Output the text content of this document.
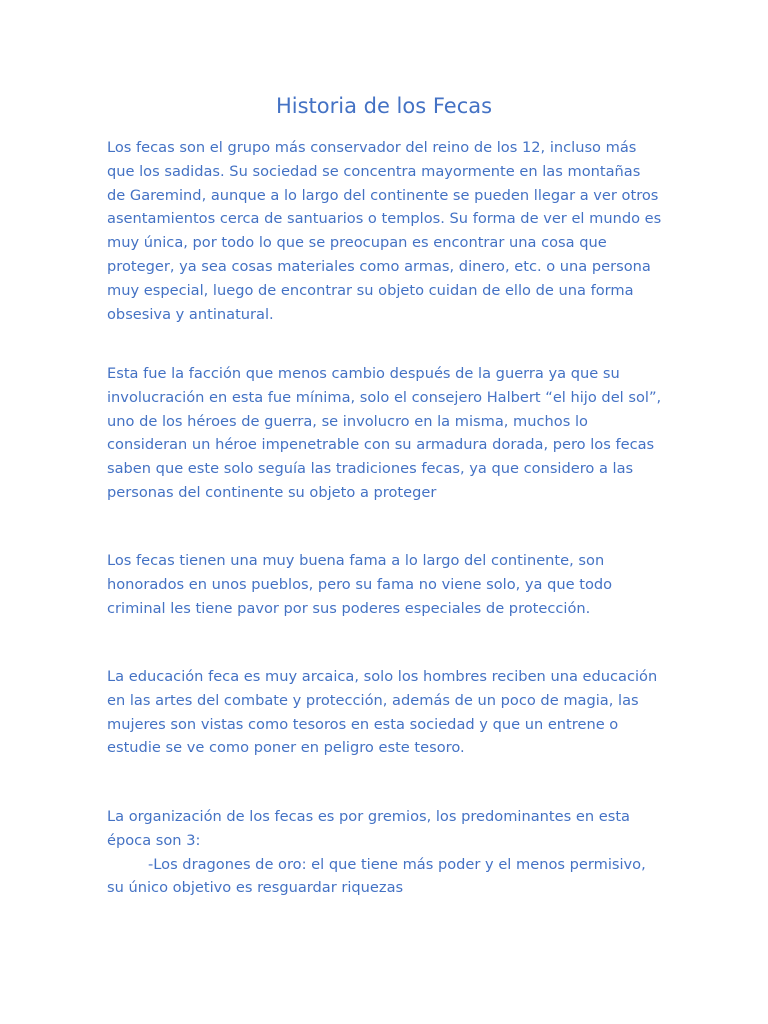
Historia de los Fecas

Los fecas son el grupo más conservador del reino de los 12, incluso más que los sadidas. Su sociedad se concentra mayormente en las montañas de Garemind, aunque a lo largo del continente se pueden llegar a ver otros asentamientos cerca de santuarios o templos. Su forma de ver el mundo es muy única, por todo lo que se preocupan es encontrar una cosa que proteger, ya sea cosas materiales como armas, dinero, etc. o una persona muy especial, luego de encontrar su objeto cuidan de ello de una forma obsesiva y antinatural.

Esta fue la facción que menos cambio después de la guerra ya que su involucración en esta fue mínima, solo el consejero Halbert “el hijo del sol”, uno de los héroes de guerra, se involucro en la misma, muchos lo consideran un héroe impenetrable con su armadura dorada, pero los fecas saben que este solo seguía las tradiciones fecas, ya que considero a las personas del continente su objeto a proteger

Los fecas tienen una muy buena fama a lo largo del continente, son honorados en unos pueblos, pero su fama no viene solo, ya que todo criminal les tiene pavor por sus poderes especiales de protección.

La educación feca es muy arcaica, solo los hombres reciben una educación en las artes del combate y protección, además de un poco de magia, las mujeres son vistas como tesoros en esta sociedad y que un entrene o estudie se ve como poner en peligro este tesoro.

La organización de los fecas es por gremios, los predominantes en esta época son 3:
-Los dragones de oro: el que tiene más poder y el menos permisivo, su único objetivo es resguardar riquezas
